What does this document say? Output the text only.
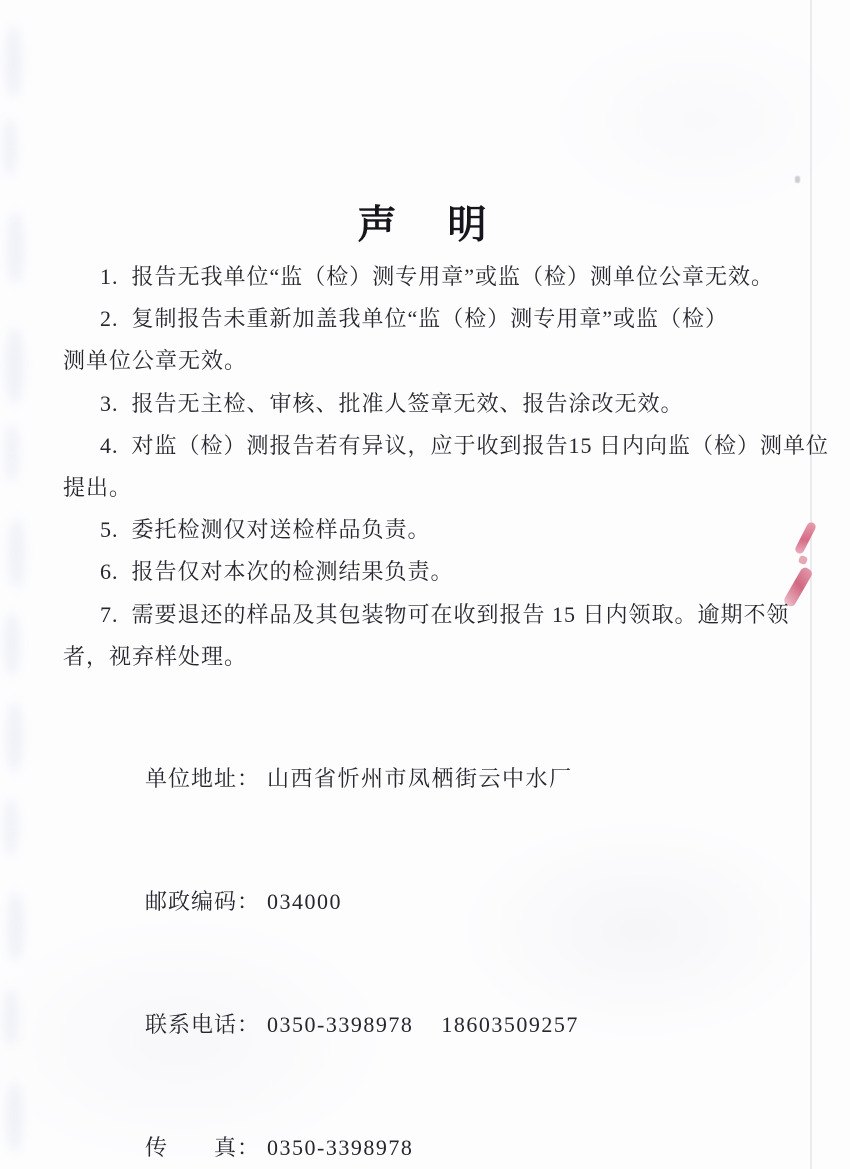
声　明

1.  报告无我单位“监（检）测专用章”或监（检）测单位公章无效。

2.  复制报告未重新加盖我单位“监（检）测专用章”或监（检）

测单位公章无效。

3.  报告无主检、审核、批准人签章无效、报告涂改无效。

4.  对监（检）测报告若有异议，应于收到报告15 日内向监（检）测单位

提出。

5.  委托检测仅对送检样品负责。

6.  报告仅对本次的检测结果负责。

7.  需要退还的样品及其包装物可在收到报告 15 日内领取。逾期不领

者，视弃样处理。

单位地址： 山西省忻州市凤栖街云中水厂

邮政编码： 034000

联系电话： 0350-3398978    18603509257

传　　真： 0350-3398978
